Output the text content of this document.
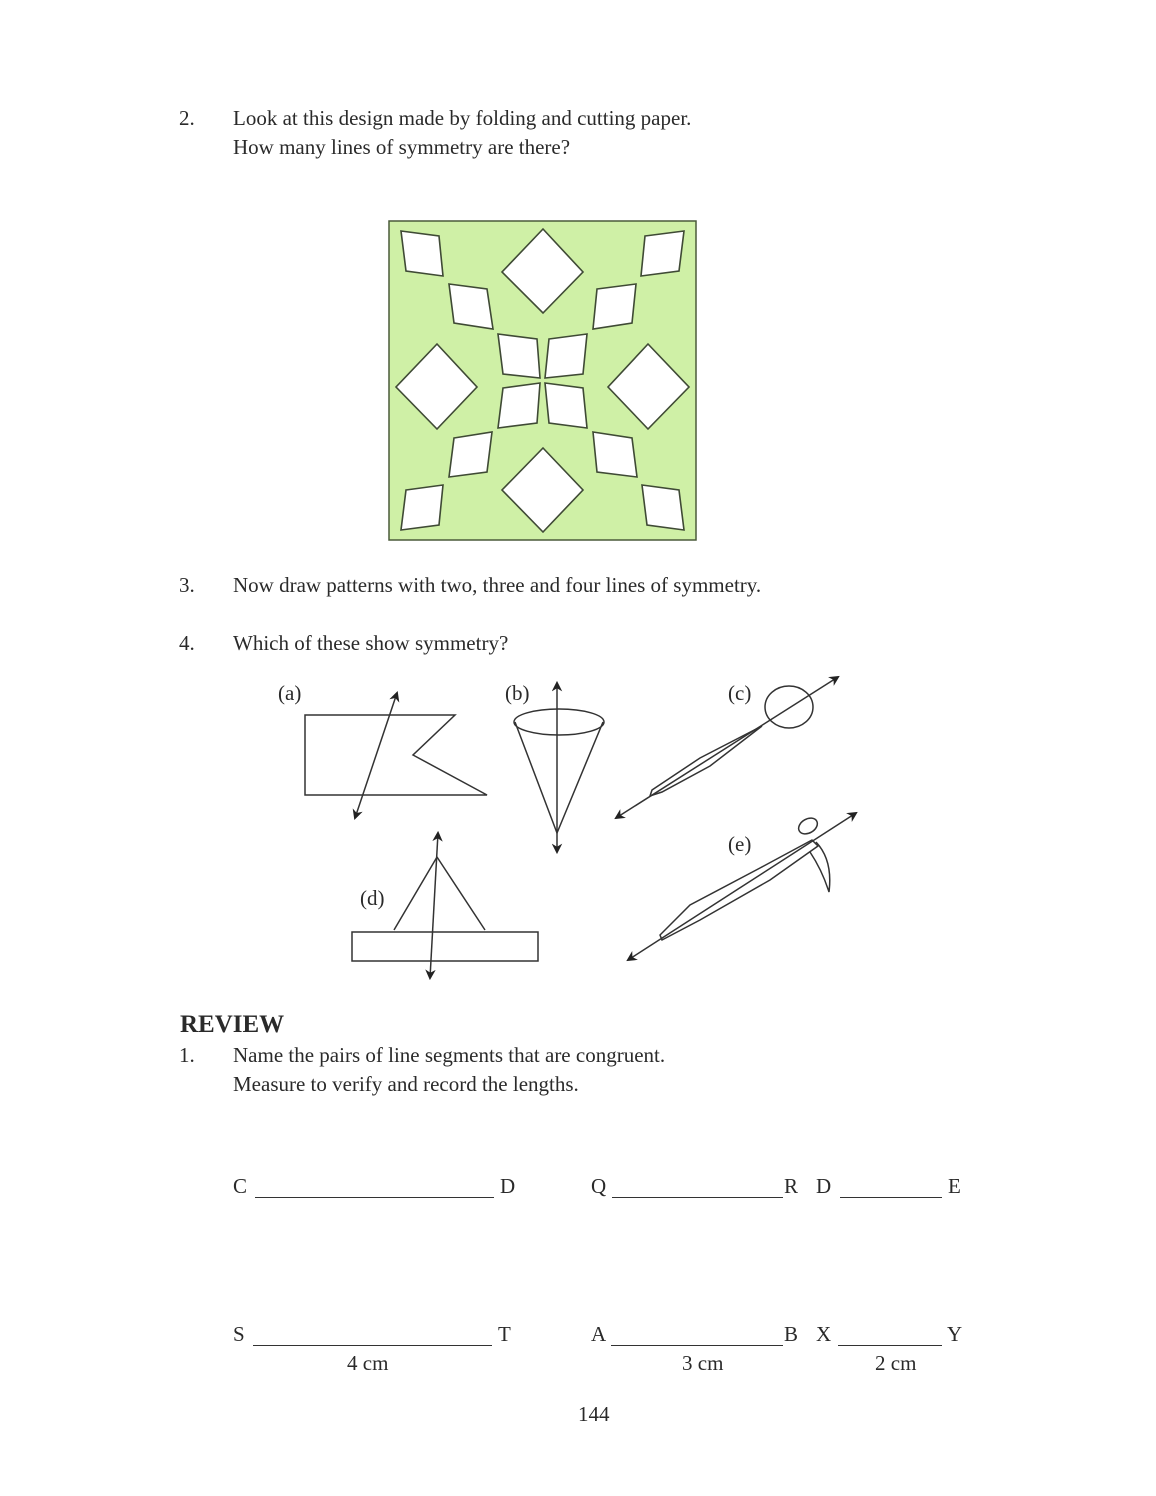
2. Look at this design made by folding and cutting paper.
How many lines of symmetry are there?
3. Now draw patterns with two, three and four lines of symmetry.
4. Which of these show symmetry?
(a)	(b)	(c)
(d)
(e)
REVIEW
1. Name the pairs of line segments that are congruent.
Measure to verify and record the lengths.
C	D	Q	R D	E
S	T
4 cm
A	B
3 cm
X	Y
2 cm
144
